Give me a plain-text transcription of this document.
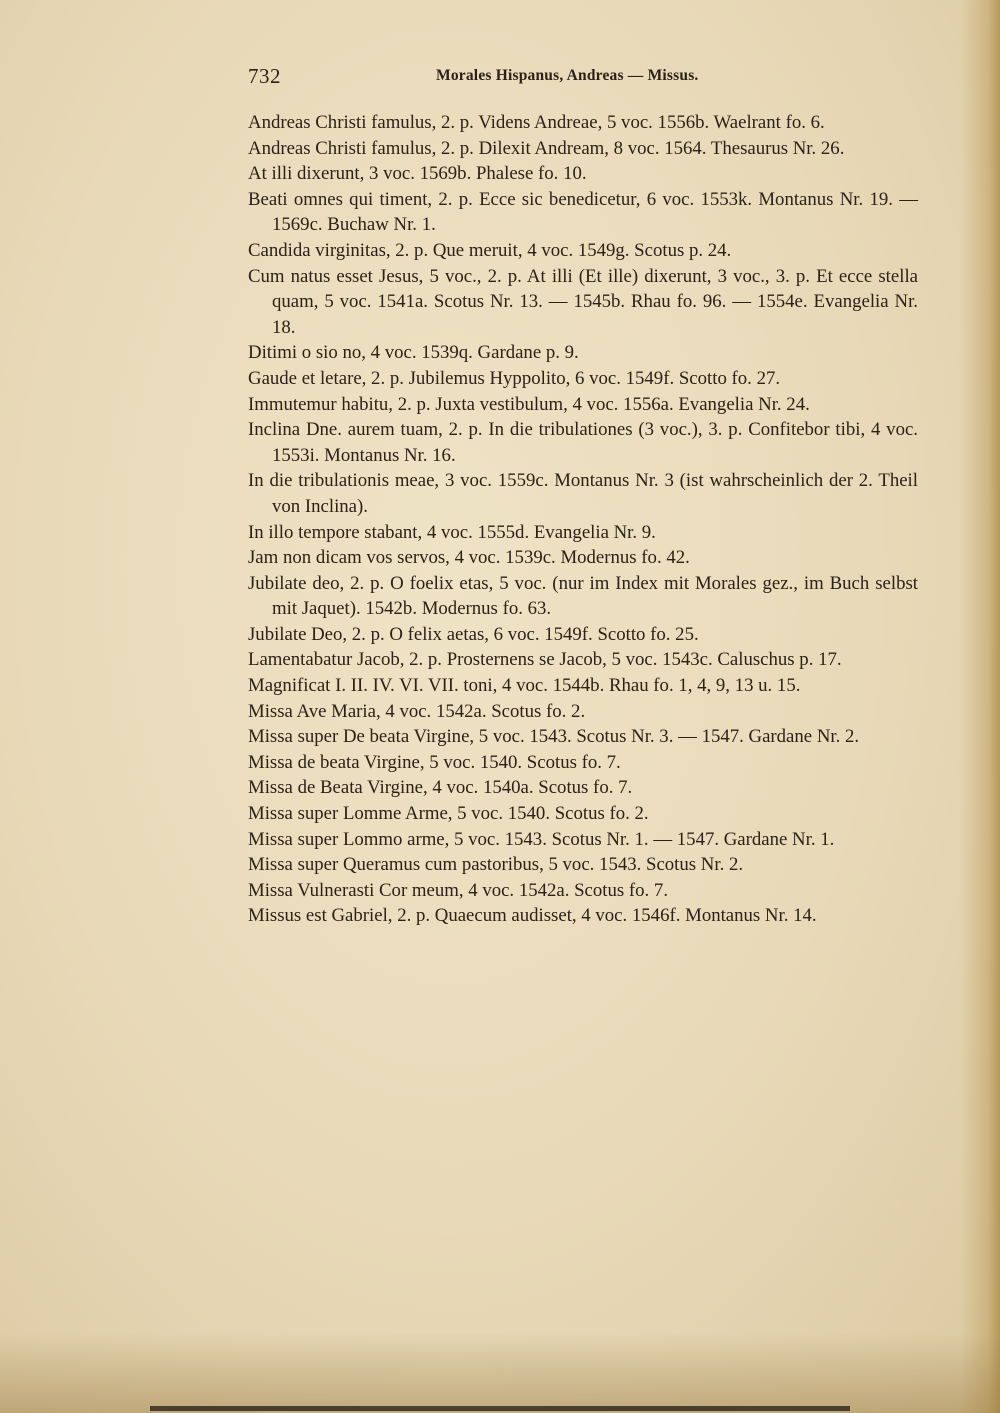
732	Morales Hispanus, Andreas — Missus.
Andreas Christi famulus, 2. p. Videns Andreae, 5 voc. 1556b. Waelrant fo. 6.
Andreas Christi famulus, 2. p. Dilexit Andream, 8 voc. 1564. Thesaurus Nr. 26.
At illi dixerunt, 3 voc. 1569b. Phalese fo. 10.
Beati omnes qui timent, 2. p. Ecce sic benedicetur, 6 voc. 1553k. Montanus Nr. 19. — 1569c. Buchaw Nr. 1.
Candida virginitas, 2. p. Que meruit, 4 voc. 1549g. Scotus p. 24.
Cum natus esset Jesus, 5 voc., 2. p. At illi (Et ille) dixerunt, 3 voc., 3. p. Et ecce stella quam, 5 voc. 1541a. Scotus Nr. 13. — 1545b. Rhau fo. 96. — 1554e. Evangelia Nr. 18.
Ditimi o sio no, 4 voc. 1539q. Gardane p. 9.
Gaude et letare, 2. p. Jubilemus Hyppolito, 6 voc. 1549f. Scotto fo. 27.
Immutemur habitu, 2. p. Juxta vestibulum, 4 voc. 1556a. Evangelia Nr. 24.
Inclina Dne. aurem tuam, 2. p. In die tribulationes (3 voc.), 3. p. Confitebor tibi, 4 voc. 1553i. Montanus Nr. 16.
In die tribulationis meae, 3 voc. 1559c. Montanus Nr. 3 (ist wahrscheinlich der 2. Theil von Inclina).
In illo tempore stabant, 4 voc. 1555d. Evangelia Nr. 9.
Jam non dicam vos servos, 4 voc. 1539c. Modernus fo. 42.
Jubilate deo, 2. p. O foelix etas, 5 voc. (nur im Index mit Morales gez., im Buch selbst mit Jaquet). 1542b. Modernus fo. 63.
Jubilate Deo, 2. p. O felix aetas, 6 voc. 1549f. Scotto fo. 25.
Lamentabatur Jacob, 2. p. Prosternens se Jacob, 5 voc. 1543c. Caluschus p. 17.
Magnificat I. II. IV. VI. VII. toni, 4 voc. 1544b. Rhau fo. 1, 4, 9, 13 u. 15.
Missa Ave Maria, 4 voc. 1542a. Scotus fo. 2.
Missa super De beata Virgine, 5 voc. 1543. Scotus Nr. 3. — 1547. Gardane Nr. 2.
Missa de beata Virgine, 5 voc. 1540. Scotus fo. 7.
Missa de Beata Virgine, 4 voc. 1540a. Scotus fo. 7.
Missa super Lomme Arme, 5 voc. 1540. Scotus fo. 2.
Missa super Lommo arme, 5 voc. 1543. Scotus Nr. 1. — 1547. Gardane Nr. 1.
Missa super Queramus cum pastoribus, 5 voc. 1543. Scotus Nr. 2.
Missa Vulnerasti Cor meum, 4 voc. 1542a. Scotus fo. 7.
Missus est Gabriel, 2. p. Quaecum audisset, 4 voc. 1546f. Montanus Nr. 14.
